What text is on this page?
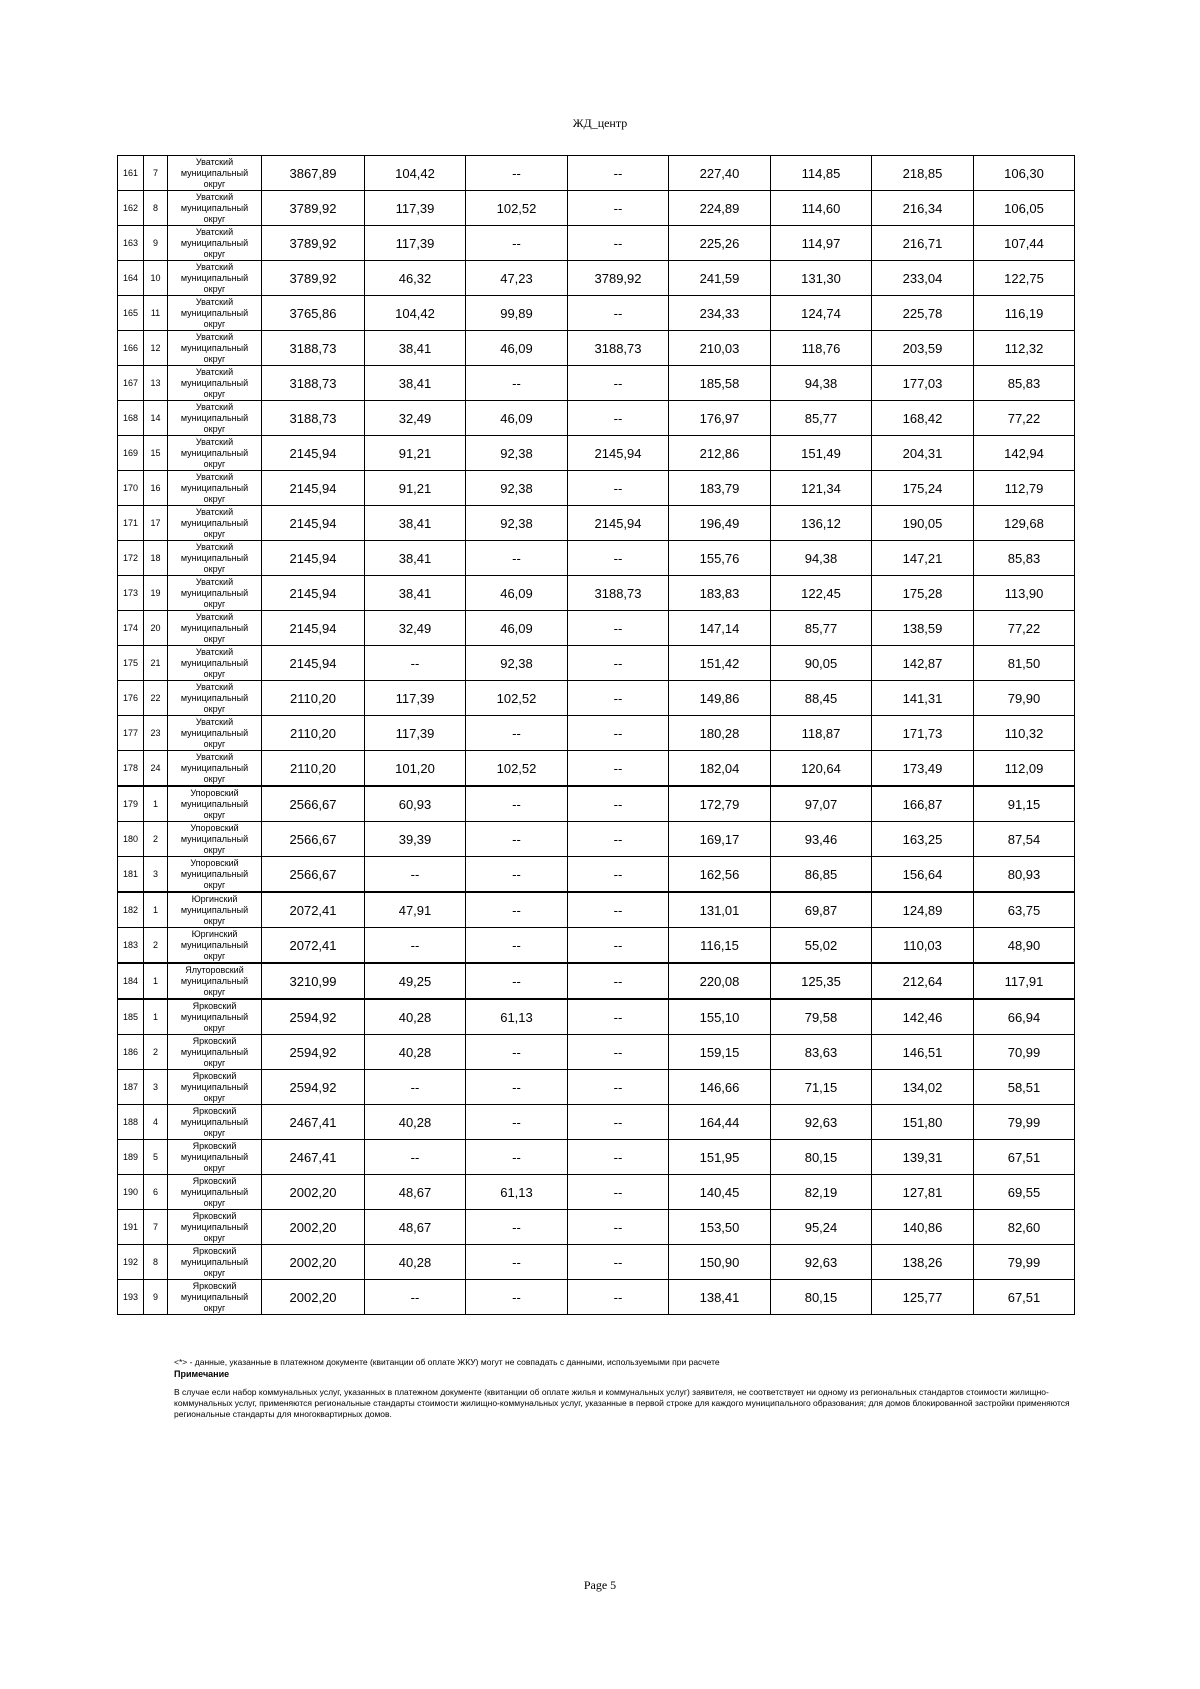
ЖД_центр
161	7	Уватский
муниципальный
округ	3867,89	104,42	--	--	227,40	114,85	218,85	106,30
162	8	Уватский
муниципальный
округ	3789,92	117,39	102,52	--	224,89	114,60	216,34	106,05
163	9	Уватский
муниципальный
округ	3789,92	117,39	--	--	225,26	114,97	216,71	107,44
164	10	Уватский
муниципальный
округ	3789,92	46,32	47,23	3789,92	241,59	131,30	233,04	122,75
165	11	Уватский
муниципальный
округ	3765,86	104,42	99,89	--	234,33	124,74	225,78	116,19
166	12	Уватский
муниципальный
округ	3188,73	38,41	46,09	3188,73	210,03	118,76	203,59	112,32
167	13	Уватский
муниципальный
округ	3188,73	38,41	--	--	185,58	94,38	177,03	85,83
168	14	Уватский
муниципальный
округ	3188,73	32,49	46,09	--	176,97	85,77	168,42	77,22
169	15	Уватский
муниципальный
округ	2145,94	91,21	92,38	2145,94	212,86	151,49	204,31	142,94
170	16	Уватский
муниципальный
округ	2145,94	91,21	92,38	--	183,79	121,34	175,24	112,79
171	17	Уватский
муниципальный
округ	2145,94	38,41	92,38	2145,94	196,49	136,12	190,05	129,68
172	18	Уватский
муниципальный
округ	2145,94	38,41	--	--	155,76	94,38	147,21	85,83
173	19	Уватский
муниципальный
округ	2145,94	38,41	46,09	3188,73	183,83	122,45	175,28	113,90
174	20	Уватский
муниципальный
округ	2145,94	32,49	46,09	--	147,14	85,77	138,59	77,22
175	21	Уватский
муниципальный
округ	2145,94	--	92,38	--	151,42	90,05	142,87	81,50
176	22	Уватский
муниципальный
округ	2110,20	117,39	102,52	--	149,86	88,45	141,31	79,90
177	23	Уватский
муниципальный
округ	2110,20	117,39	--	--	180,28	118,87	171,73	110,32
178	24	Уватский
муниципальный
округ	2110,20	101,20	102,52	--	182,04	120,64	173,49	112,09
179	1	Упоровский
муниципальный
округ	2566,67	60,93	--	--	172,79	97,07	166,87	91,15
180	2	Упоровский
муниципальный
округ	2566,67	39,39	--	--	169,17	93,46	163,25	87,54
181	3	Упоровский
муниципальный
округ	2566,67	--	--	--	162,56	86,85	156,64	80,93
182	1	Юргинский
муниципальный
округ	2072,41	47,91	--	--	131,01	69,87	124,89	63,75
183	2	Юргинский
муниципальный
округ	2072,41	--	--	--	116,15	55,02	110,03	48,90
184	1	Ялуторовский
муниципальный
округ	3210,99	49,25	--	--	220,08	125,35	212,64	117,91
185	1	Ярковский
муниципальный
округ	2594,92	40,28	61,13	--	155,10	79,58	142,46	66,94
186	2	Ярковский
муниципальный
округ	2594,92	40,28	--	--	159,15	83,63	146,51	70,99
187	3	Ярковский
муниципальный
округ	2594,92	--	--	--	146,66	71,15	134,02	58,51
188	4	Ярковский
муниципальный
округ	2467,41	40,28	--	--	164,44	92,63	151,80	79,99
189	5	Ярковский
муниципальный
округ	2467,41	--	--	--	151,95	80,15	139,31	67,51
190	6	Ярковский
муниципальный
округ	2002,20	48,67	61,13	--	140,45	82,19	127,81	69,55
191	7	Ярковский
муниципальный
округ	2002,20	48,67	--	--	153,50	95,24	140,86	82,60
192	8	Ярковский
муниципальный
округ	2002,20	40,28	--	--	150,90	92,63	138,26	79,99
193	9	Ярковский
муниципальный
округ	2002,20	--	--	--	138,41	80,15	125,77	67,51
<*> - данные, указанные в платежном документе (квитанции об оплате ЖКУ) могут не совпадать с данными, используемыми при расчете
Примечание
В случае если набор коммунальных услуг, указанных в платежном документе (квитанции об оплате жилья и коммунальных услуг) заявителя, не соответствует ни одному из региональных стандартов стоимости жилищно-коммунальных услуг, применяются региональные стандарты стоимости жилищно-коммунальных услуг, указанные в первой строке для каждого муниципального образования; для домов блокированной застройки применяются региональные стандарты для многоквартирных домов.
Page 5
